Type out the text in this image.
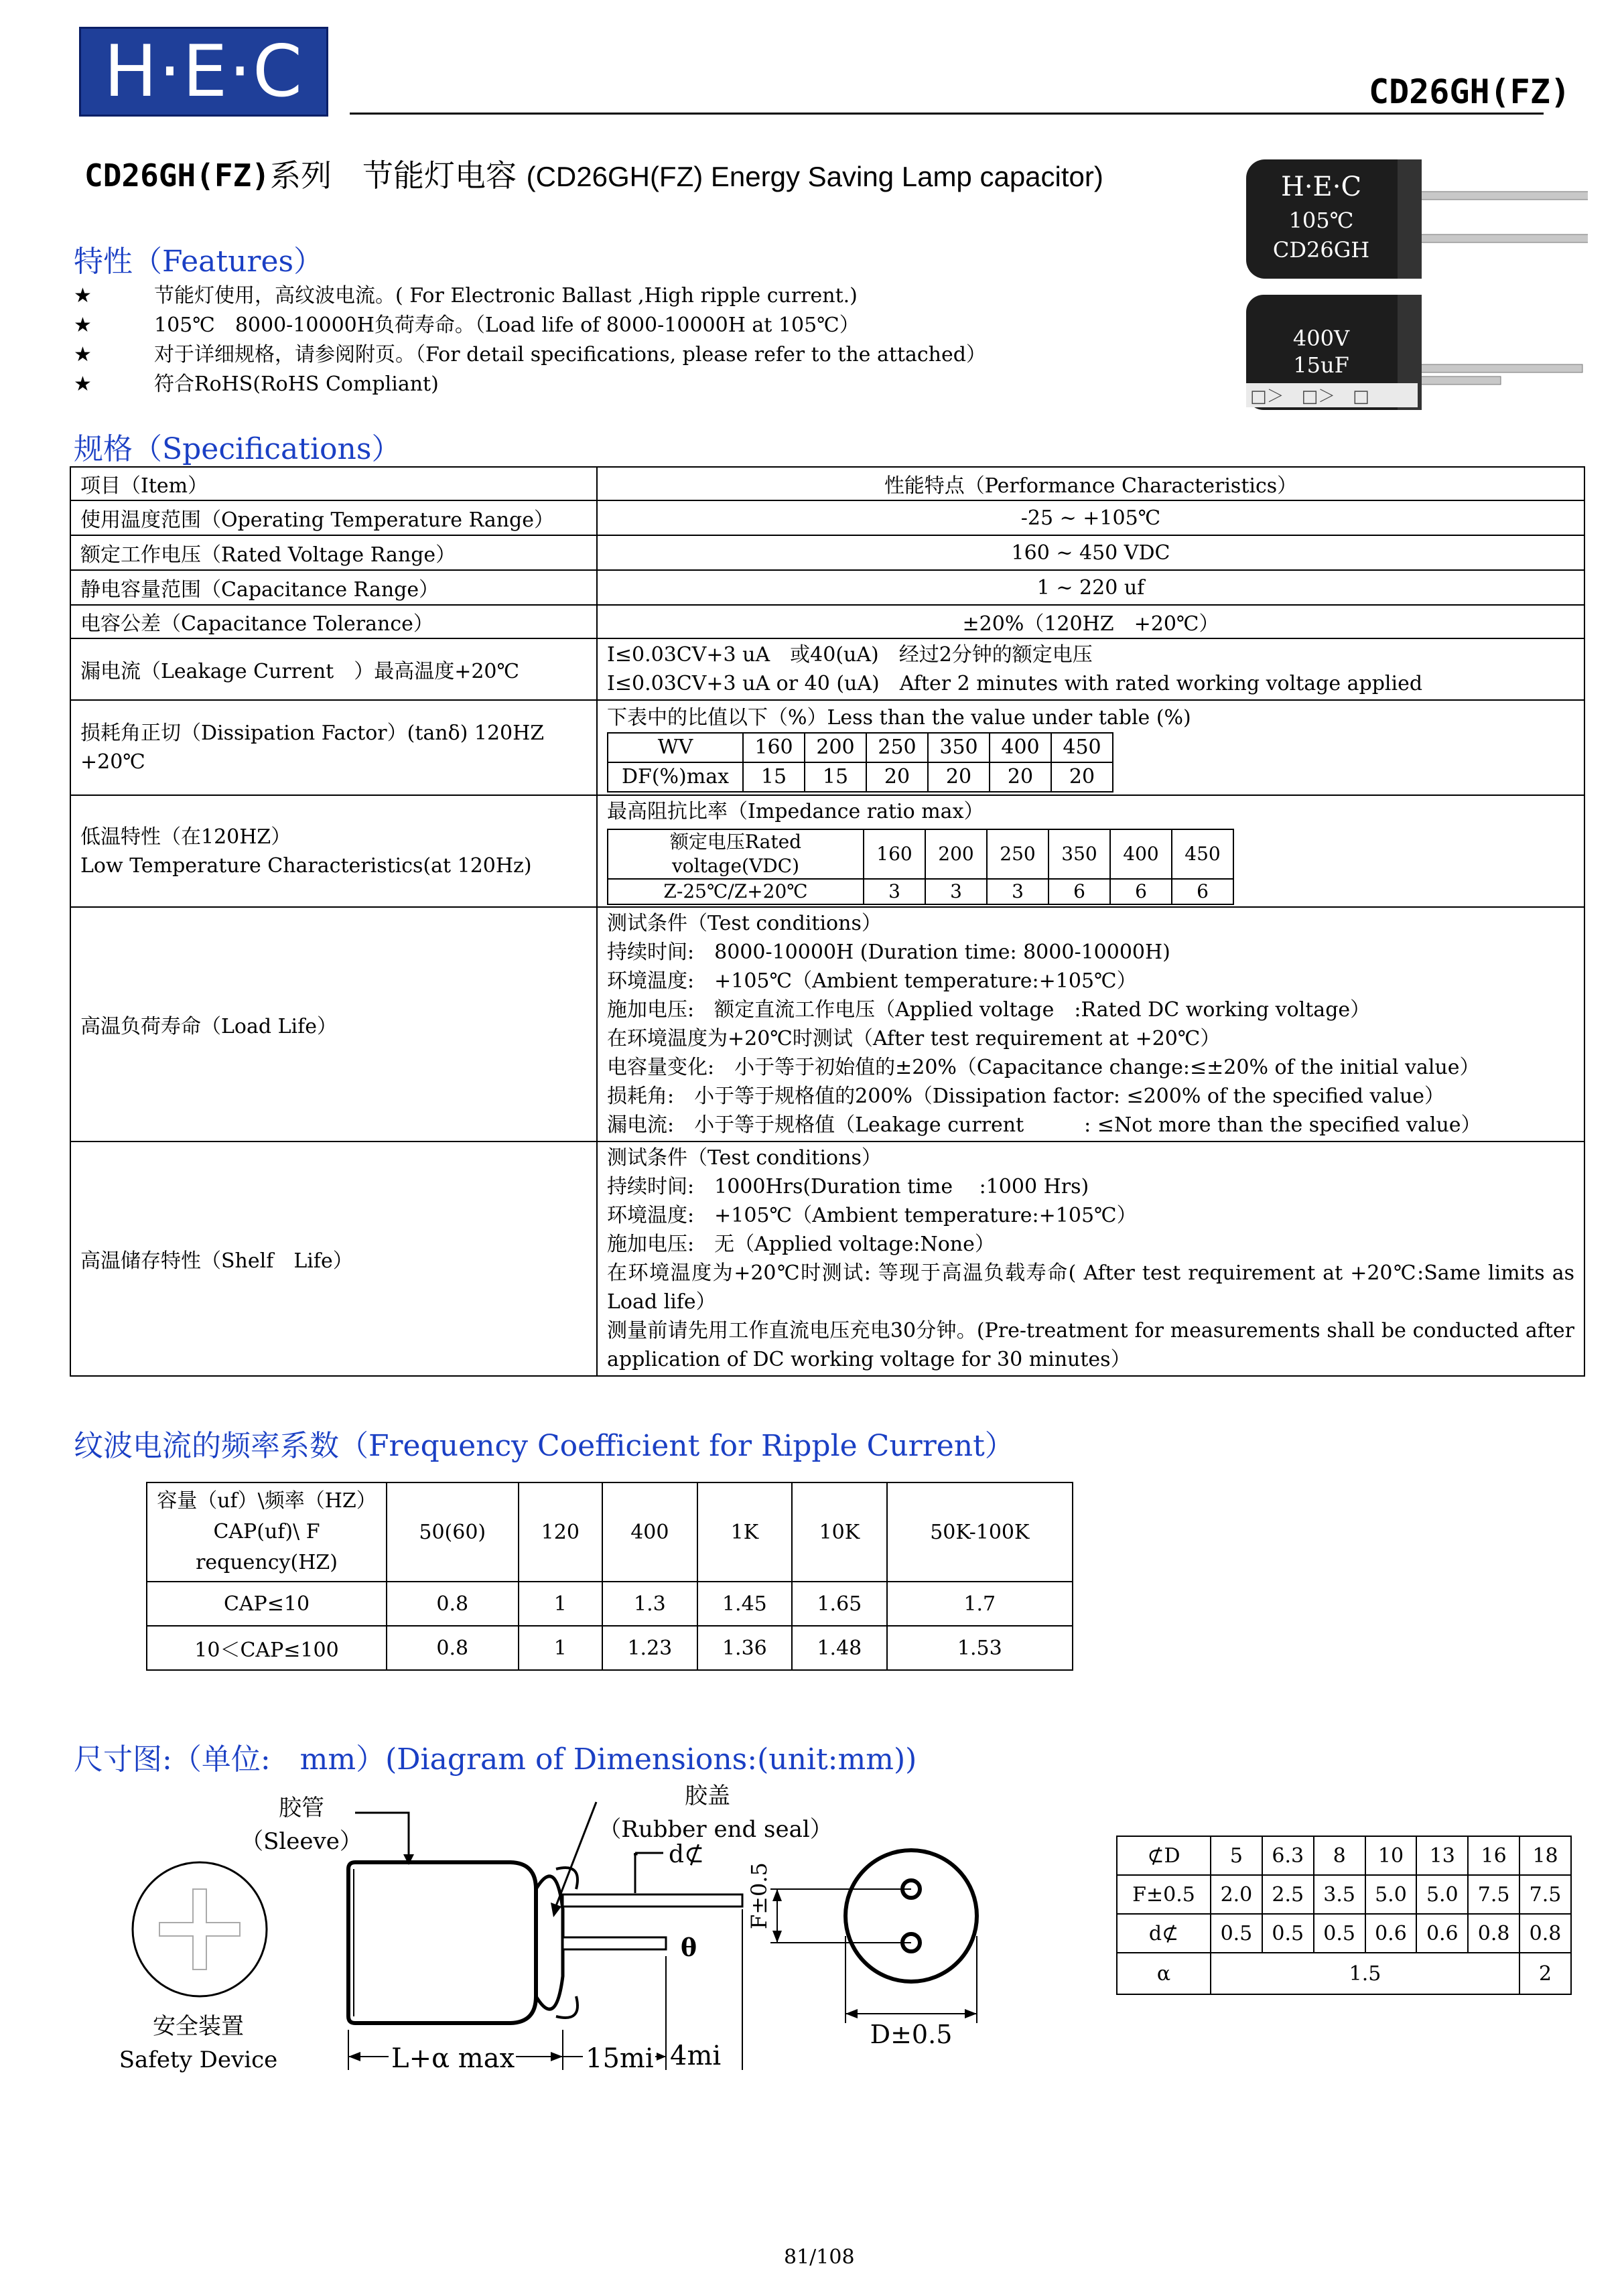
H·E·C	CD26GH(FZ)
CD26GH(FZ)系列　节能灯电容 (CD26GH(FZ) Energy Saving Lamp capacitor)	H·E·C
105℃
CD26GH
400V
15uF
□＞　□＞　□
特性（Features）
★	节能灯使用，高纹波电流。( For Electronic Ballast ,High ripple current.)
★	105℃　8000-10000H负荷寿命。（Load life of 8000-10000H at 105℃）
★	对于详细规格，请参阅附页。（For detail specifications, please refer to the attached）
★	符合RoHS(RoHS Compliant)
规格（Specifications）
项目（Item）	性能特点（Performance Characteristics）
使用温度范围（Operating Temperature Range）	-25 ~ +105℃
额定工作电压（Rated Voltage Range）	160 ~ 450 VDC
静电容量范围（Capacitance Range）	1 ~ 220 uf
电容公差（Capacitance Tolerance）	±20%（120HZ　+20℃）
漏电流（Leakage Current　）最高温度+20℃	
I≤0.03CV+3 uA　或40(uA)　经过2分钟的额定电压
I≤0.03CV+3 uA or 40 (uA)　After 2 minutes with rated working voltage applied

损耗角正切（Dissipation Factor）(tanδ) 120HZ　+20℃	
下表中的比值以下（%）Less than the value under table (%)
WV	160	200	250	350	400	450
DF(%)max	15	15	20	20	20	20

低温特性（在120HZ）
Low Temperature Characteristics(at 120Hz)

最高阻抗比率（Impedance ratio max）
额定电压Rated voltage(VDC)	160	200	250	350	400	450
Z-25℃/Z+20℃	3	3	3	6	6	6

高温负荷寿命（Load Life）	
测试条件（Test conditions）
持续时间:　8000-10000H (Duration time: 8000-10000H)
环境温度:　+105℃（Ambient temperature:+105℃）
施加电压:　额定直流工作电压（Applied voltage　:Rated DC working voltage）
在环境温度为+20℃时测试（After test requirement at +20℃）
电容量变化:　小于等于初始值的±20%（Capacitance change:≤±20% of the initial value）
损耗角:　小于等于规格值的200%（Dissipation factor: ≤200% of the specified value）
漏电流:　小于等于规格值（Leakage current　　　: ≤Not more than the specified value）

高温储存特性（Shelf　Life）	
测试条件（Test conditions）
持续时间:　1000Hrs(Duration time　 :1000 Hrs)
环境温度:　+105℃（Ambient temperature:+105℃）
施加电压:　无（Applied voltage:None）
在环境温度为+20℃时测试: 等现于高温负载寿命( After test requirement at +20℃:Same limits as Load life）
测量前请先用工作直流电压充电30分钟。(Pre-treatment for measurements shall be conducted after application of DC working voltage for 30 minutes）
纹波电流的频率系数（Frequency Coefficient for Ripple Current）
容量（uf）\频率（HZ）
CAP(uf)\ F requency(HZ)	50(60)	120	400	1K	10K	50K-100K
CAP≤10	0.8	1	1.3	1.45	1.65	1.7
10＜CAP≤100	0.8	1	1.23	1.36	1.48	1.53
尺寸图:（单位:　mm）(Diagram of Dimensions:(unit:mm))
胶管
（Sleeve）
胶盖
（Rubber end seal）
安全装置
Safety Device
d⊄
θ
L+α max	15mi 4mi
F±0.5
D±0.5
⊄D	5	6.3	8	10	13	16	18
F±0.5	2.0	2.5	3.5	5.0	5.0	7.5	7.5
d⊄	0.5	0.5	0.5	0.6	0.6	0.8	0.8
α	1.5						2
81/108
